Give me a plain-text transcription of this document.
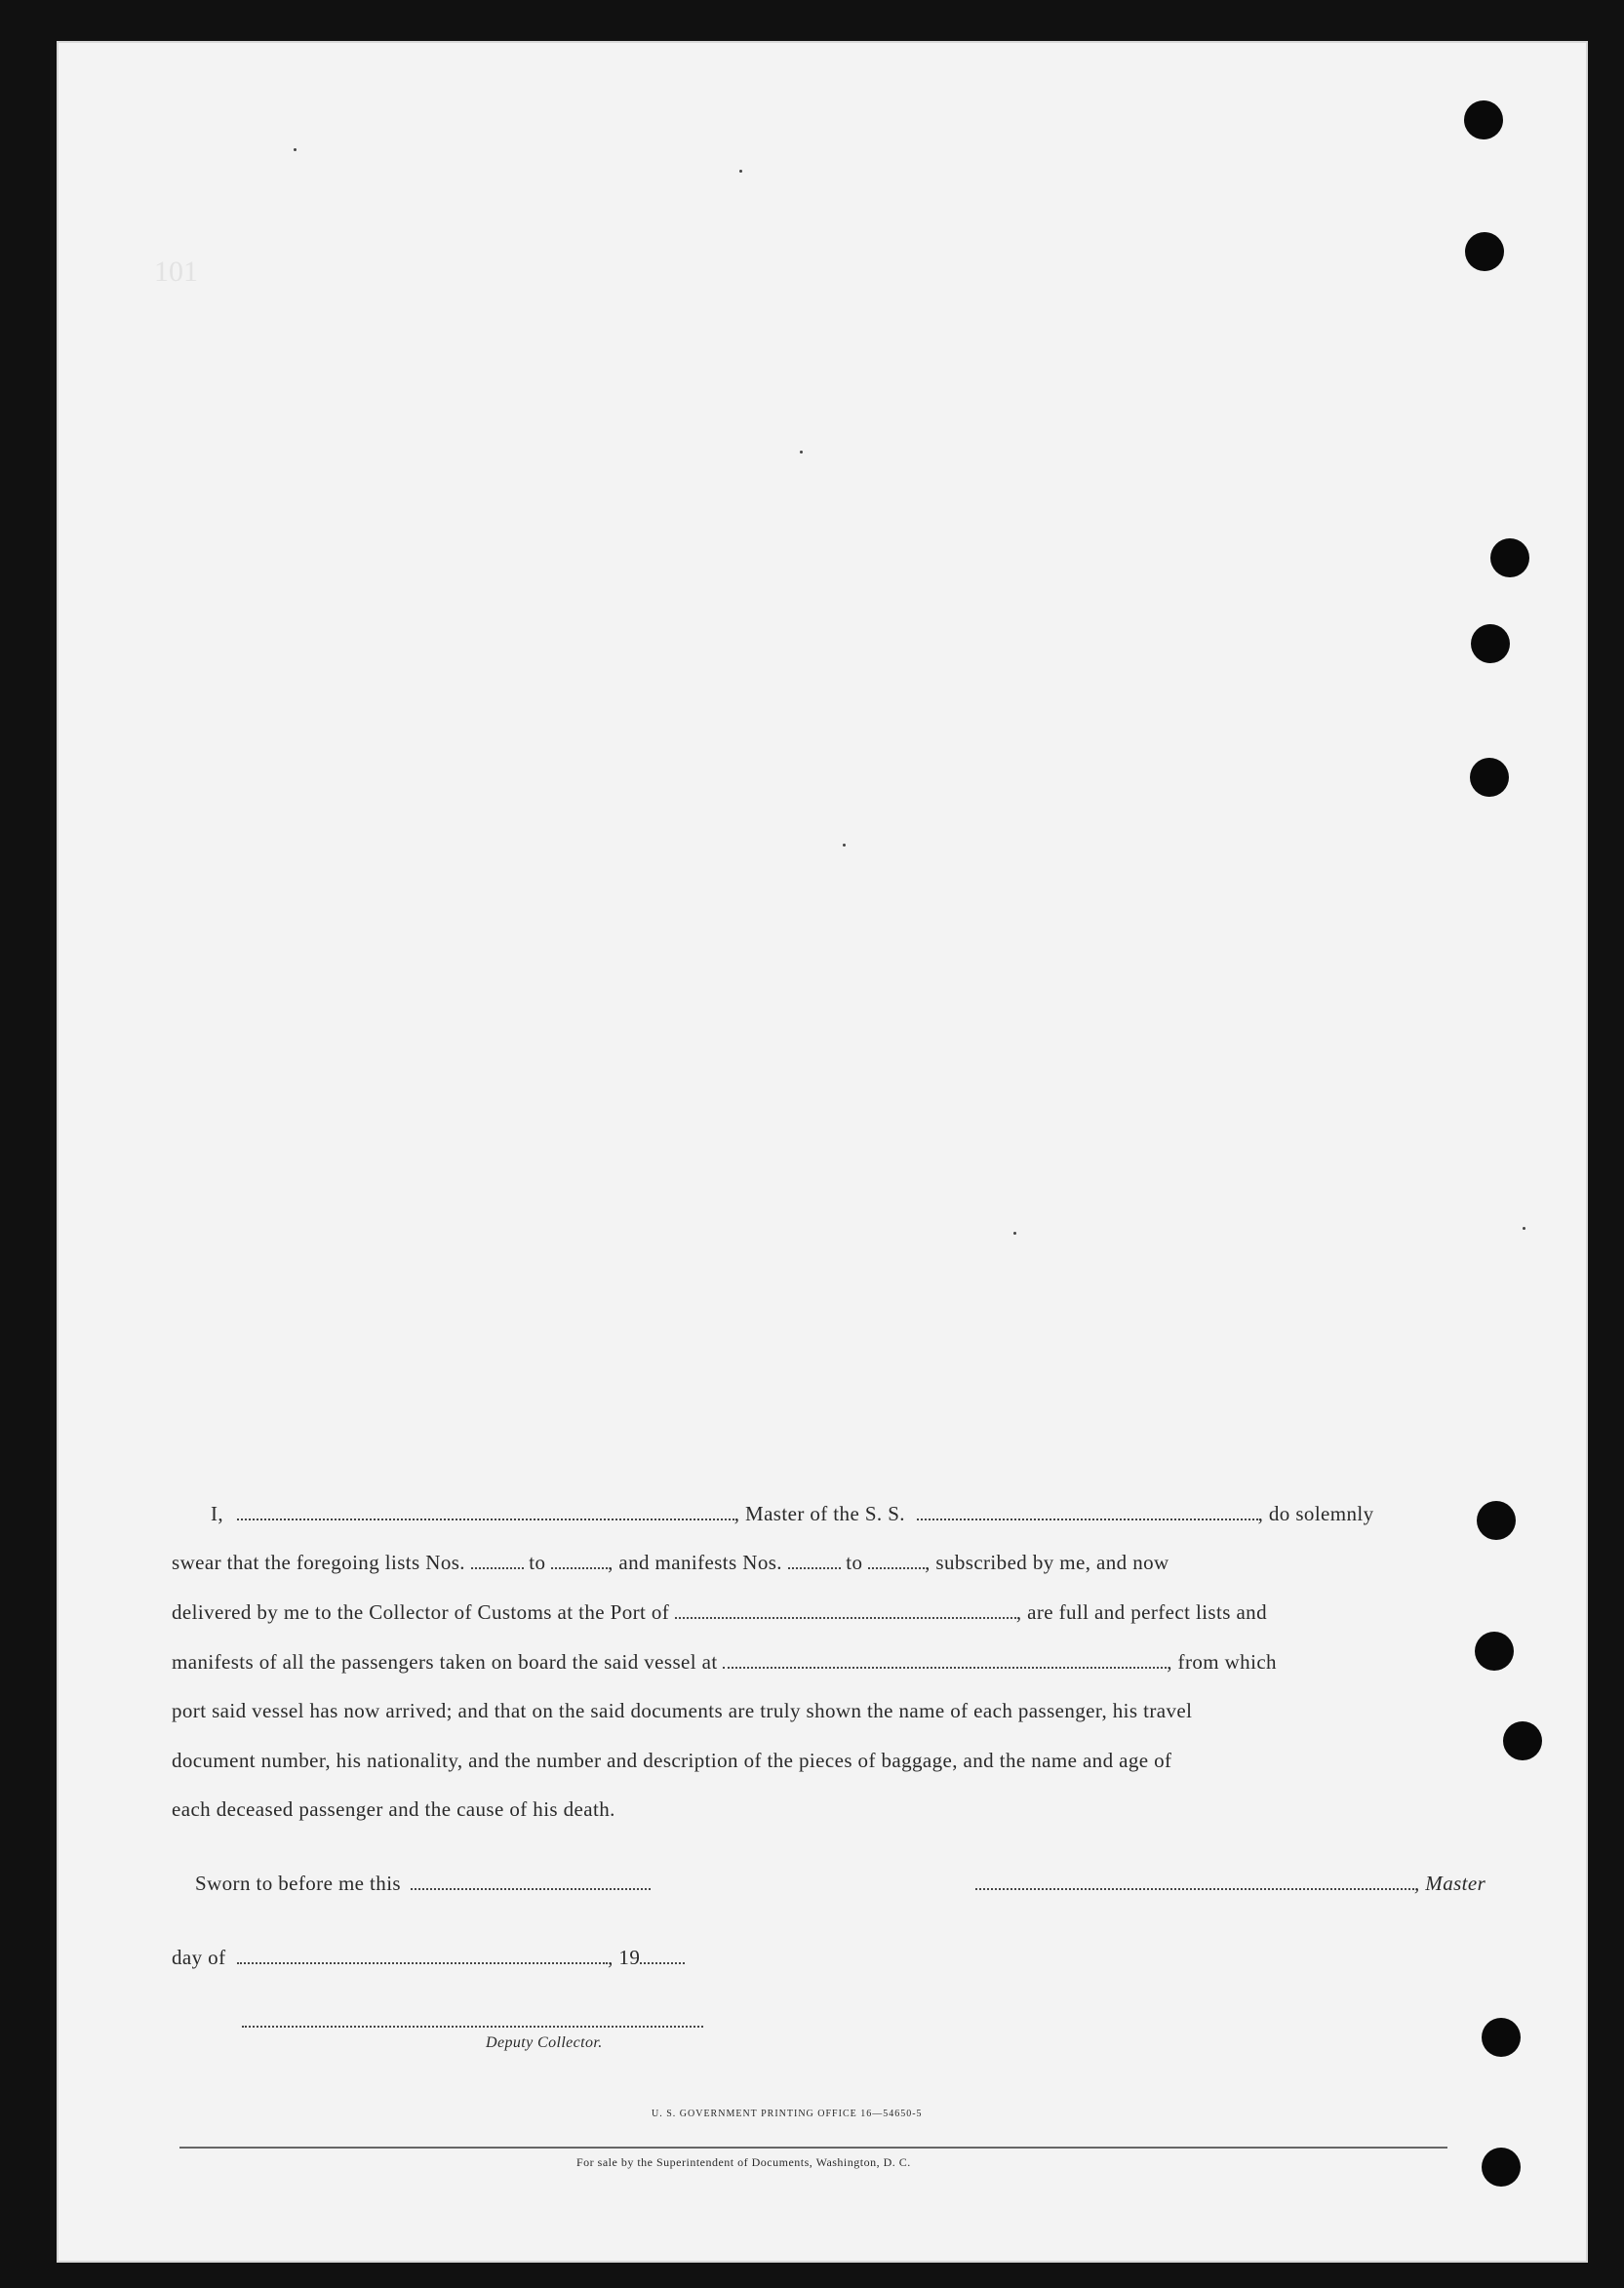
101
I,	, Master of the S. S.	, do solemnly
swear that the foregoing lists Nos.	to	, and manifests Nos.	to	, subscribed by me, and now
delivered by me to the Collector of Customs at the Port of	, are full and perfect lists and
manifests of all the passengers taken on board the said vessel at	, from which
port said vessel has now arrived; and that on the said documents are truly shown the name of each passenger, his travel
document number, his nationality, and the number and description of the pieces of baggage, and the name and age of
each deceased passenger and the cause of his death.
Sworn to before me this	, Master
day of	, 19
Deputy Collector.
U. S. GOVERNMENT PRINTING OFFICE 16—54650-5
For sale by the Superintendent of Documents, Washington, D. C.
